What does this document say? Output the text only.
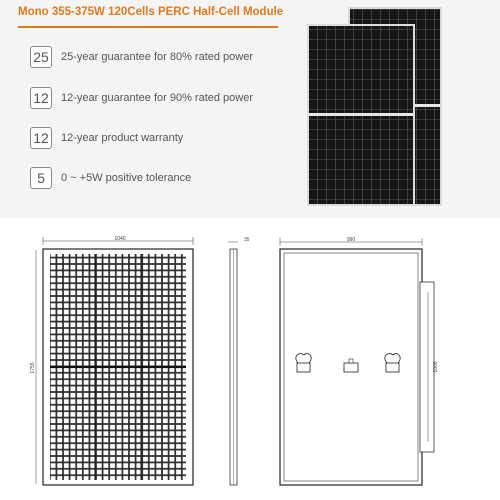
Mono 355-375W 120Cells PERC Half-Cell Module
25 25-year guarantee for 80% rated power
12 12-year guarantee for 90% rated power
12 12-year product warranty
5	0 ~ +5W positive tolerance
1040
1755
35	990
1000
